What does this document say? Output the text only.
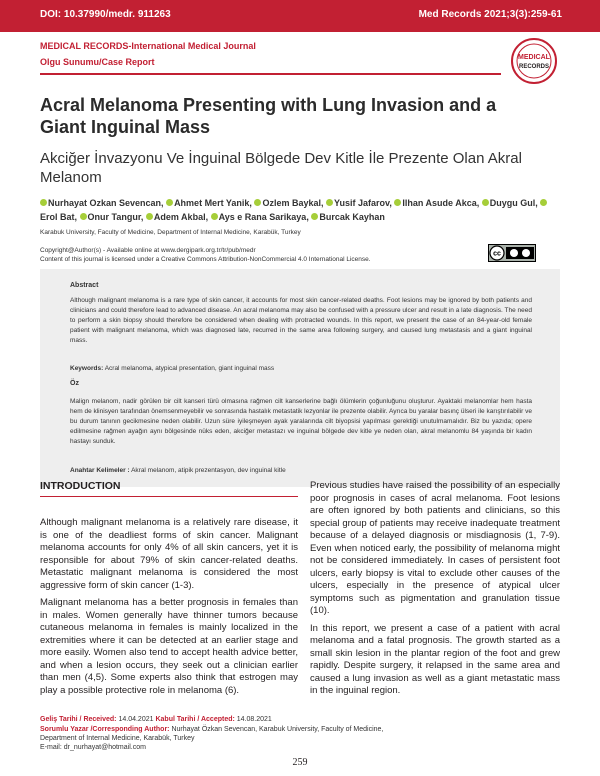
DOI: 10.37990/medr. 911263	Med Records 2021;3(3):259-61
MEDICAL RECORDS-International Medical Journal
Olgu Sunumu/Case Report	MEDICAL
RECORDS
Acral Melanoma Presenting with Lung Invasion and a Giant Inguinal Mass
Akciğer İnvazyonu Ve İnguinal Bölgede Dev Kitle İle Prezente Olan Akral Melanom
Nurhayat Ozkan Sevencan, Ahmet Mert Yanik, Ozlem Baykal, Yusif Jafarov, Ilhan Asude Akca, Duygu Gul, Erol Bat, Onur Tangur, Adem Akbal, Ays e Rana Sarikaya, Burcak Kayhan
Karabuk University, Faculty of Medicine, Department of Internal Medicine, Karabük, Turkey
Copyright@Author(s) - Available online at www.dergipark.org.tr/tr/pub/medr
Content of this journal is licensed under a Creative Commons Attribution-NonCommercial 4.0 International License.
cc
Abstract
Although malignant melanoma is a rare type of skin cancer, it accounts for most skin cancer-related deaths. Foot lesions may be ignored by both patients and clinicians and could therefore lead to advanced disease. An acral melanoma may also be confused with a pressure ulcer and result in a late diagnosis. The need to perform a skin biopsy should therefore be considered when dealing with protracted wounds. In this report, we present the case of an 84-year-old female patient with malignant melanoma, which was diagnosed late, recurred in the same area following surgery, and caused lung metastasis and a giant inguinal mass.
Keywords: Acral melanoma, atypical presentation, giant inguinal mass
Öz
Malign melanom, nadir görülen bir cilt kanseri türü olmasına rağmen cilt kanserlerine bağlı ölümlerin çoğunluğunu oluşturur. Ayaktaki melanomlar hem hasta hem de klinisyen tarafından önemsenmeyebilir ve sonrasında hastalık metastatik lezyonlar ile prezente olabilir. Ayrıca bu yaralar basınç ülseri ile karıştırılabilir ve bu durum tanının gecikmesine neden olabilir. Uzun süre iyileşmeyen ayak yaralarında cilt biyopsisi yapılması gerektiği unutulmamalıdır. Biz bu yazıda; opere edilmesine rağmen ayağın aynı bölgesinde nüks eden, akciğer metastazı ve inguinal bölgede dev kitle ye neden olan, akral melanomlu 84 yaşında bir kadın hastayı sunduk.
Anahtar Kelimeler : Akral melanom, atipik prezentasyon, dev inguinal kitle
INTRODUCTION

Although malignant melanoma is a relatively rare disease, it is one of the deadliest forms of skin cancer. Malignant melanoma accounts for only 4% of all skin cancers, yet it is responsible for about 79% of skin cancer-related deaths. Metastatic malignant melanoma is considered the most aggressive form of skin cancer (1-3).

Malignant melanoma has a better prognosis in females than in males. Women generally have thinner tumors because cutaneous melanoma in females is mainly localized in the extremities where it can be detected at an earlier stage and more easily. Women also tend to accept health advice better, and when a lesion occurs, they seek out a clinician earlier than men (4,5). Some experts also think that estrogen may play a possible protective role in melanoma (6).

Previous studies have raised the possibility of an especially poor prognosis in cases of acral melanoma. Foot lesions are often ignored by both patients and clinicians, so this special group of patients may receive inadequate treatment because of a delayed diagnosis or misdiagnosis (1, 7-9). Even when noticed early, the possibility of melanoma might not be considered immediately. In cases of persistent foot ulcers, early biopsy is vital to exclude other causes of the ulcers, especially in the presence of atypical ulcer symptoms such as pigmentation and granulation tissue (10).

In this report, we present a case of a patient with acral melanoma and a fatal prognosis. The growth started as a small skin lesion in the plantar region of the foot and grew rapidly. Despite surgery, it relapsed in the same area and caused a lung invasion as well as a giant metastatic mass in the inguinal region.

Geliş Tarihi / Received: 14.04.2021 Kabul Tarihi / Accepted: 14.08.2021
Sorumlu Yazar /Corresponding Author: Nurhayat Özkan Sevencan, Karabuk University, Faculty of Medicine,
Department of Internal Medicine, Karabük, Turkey
E-mail: dr_nurhayat@hotmail.com
259
